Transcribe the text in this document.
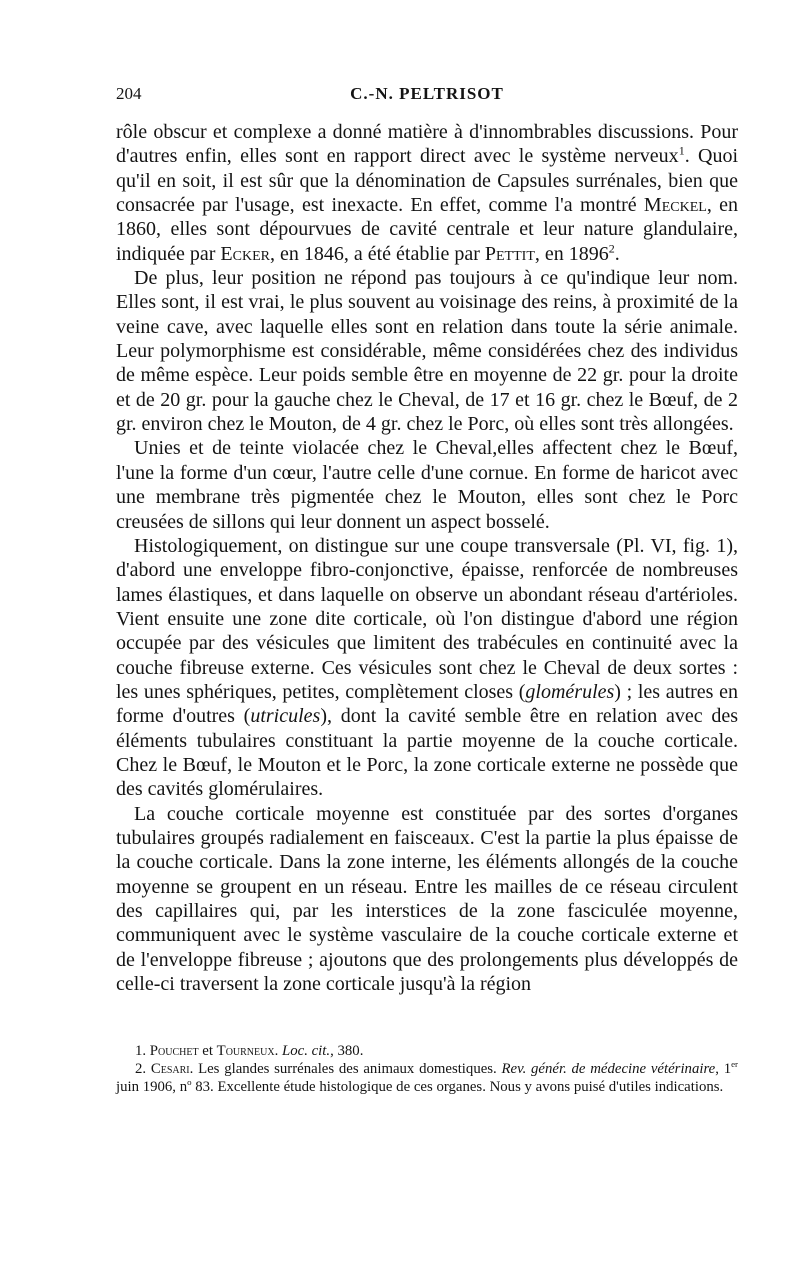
204	C.-N. PELTRISOT

rôle obscur et complexe a donné matière à d'innombrables discussions. Pour d'autres enfin, elles sont en rapport direct avec le système nerveux$^1$. Quoi qu'il en soit, il est sûr que la dénomination de Capsules surrénales, bien que consacrée par l'usage, est inexacte. En effet, comme l'a montré Meckel, en 1860, elles sont dépourvues de cavité centrale et leur nature glandulaire, indiquée par Ecker, en 1846, a été établie par Pettit, en 1896$^2$.

De plus, leur position ne répond pas toujours à ce qu'indique leur nom. Elles sont, il est vrai, le plus souvent au voisinage des reins, à proximité de la veine cave, avec laquelle elles sont en relation dans toute la série animale. Leur polymorphisme est considérable, même considérées chez des individus de même espèce. Leur poids semble être en moyenne de 22 gr. pour la droite et de 20 gr. pour la gauche chez le Cheval, de 17 et 16 gr. chez le Bœuf, de 2 gr. environ chez le Mouton, de 4 gr. chez le Porc, où elles sont très allongées.

Unies et de teinte violacée chez le Cheval,elles affectent chez le Bœuf, l'une la forme d'un cœur, l'autre celle d'une cornue. En forme de haricot avec une membrane très pigmentée chez le Mouton, elles sont chez le Porc creusées de sillons qui leur donnent un aspect bosselé.

Histologiquement, on distingue sur une coupe transversale (Pl. VI, fig. 1), d'abord une enveloppe fibro-conjonctive, épaisse, renforcée de nombreuses lames élastiques, et dans laquelle on observe un abondant réseau d'artérioles. Vient ensuite une zone dite corticale, où l'on distingue d'abord une région occupée par des vésicules que limitent des trabécules en continuité avec la couche fibreuse externe. Ces vésicules sont chez le Cheval de deux sortes : les unes sphériques, petites, complètement closes (glomérules) ; les autres en forme d'outres (utricules), dont la cavité semble être en relation avec des éléments tubulaires constituant la partie moyenne de la couche corticale. Chez le Bœuf, le Mouton et le Porc, la zone corticale externe ne possède que des cavités glomérulaires.

La couche corticale moyenne est constituée par des sortes d'organes tubulaires groupés radialement en faisceaux. C'est la partie la plus épaisse de la couche corticale. Dans la zone interne, les éléments allongés de la couche moyenne se groupent en un réseau. Entre les mailles de ce réseau circulent des capillaires qui, par les interstices de la zone fasciculée moyenne, communiquent avec le système vasculaire de la couche corticale externe et de l'enveloppe fibreuse ; ajoutons que des prolongements plus développés de celle-ci traversent la zone corticale jusqu'à la région

1. Pouchet et Tourneux. Loc. cit., 380.

2. Cesari. Les glandes surrénales des animaux domestiques. Rev. génér. de médecine vétérinaire, 1er juin 1906, $n^o$ 83. Excellente étude histologique de ces organes. Nous y avons puisé d'utiles indications.
